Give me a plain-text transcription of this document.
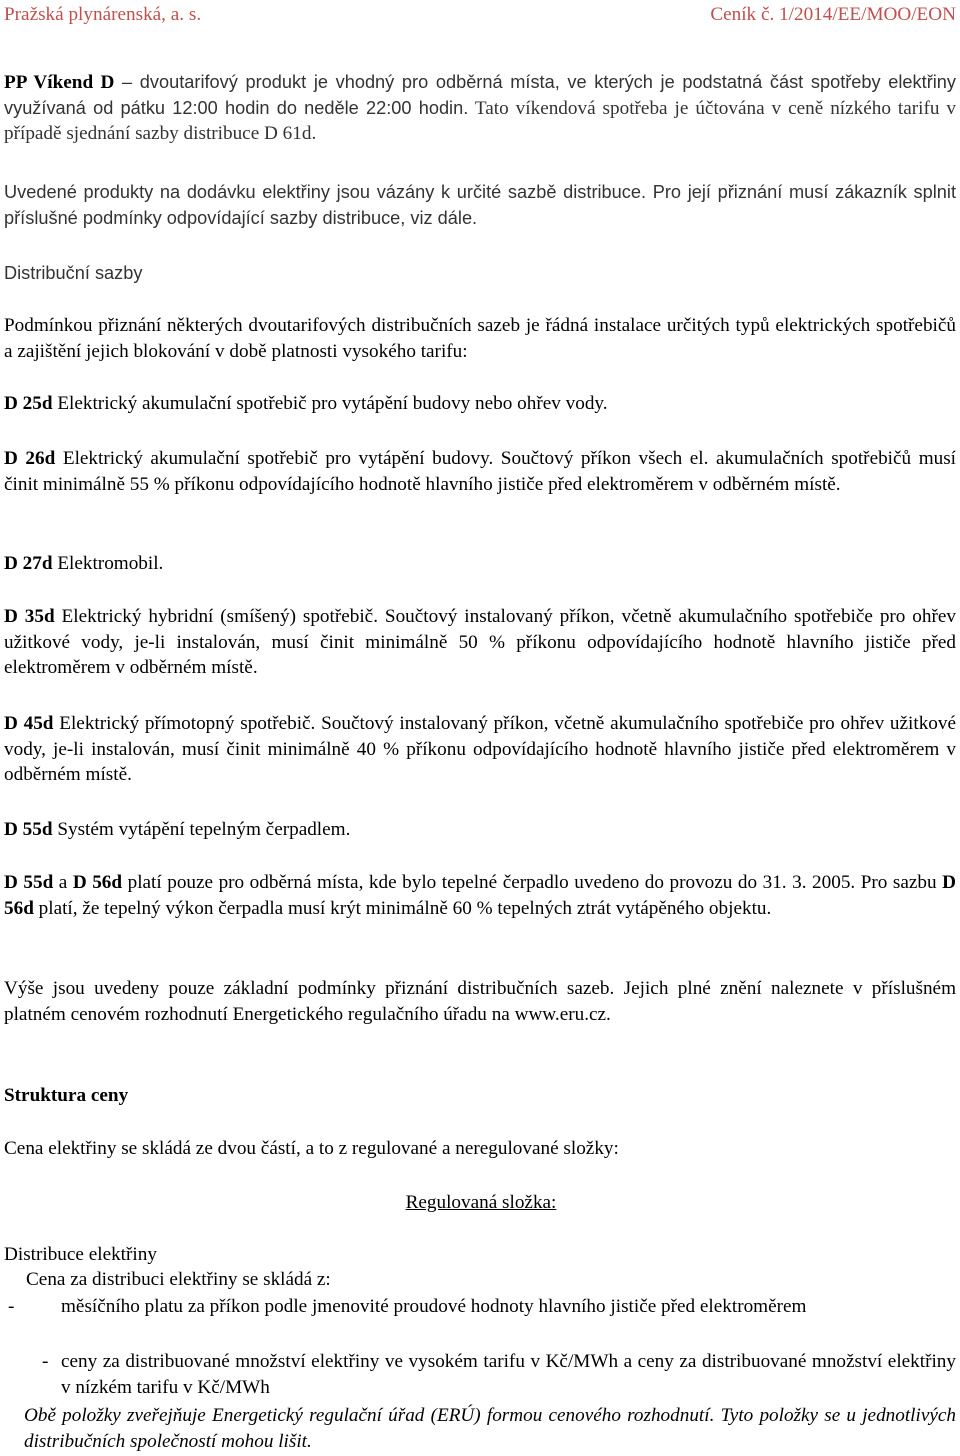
Pražská plynárenská, a. s.	Ceník č. 1/2014/EE/MOO/EON

PP Víkend D – dvoutarifový produkt je vhodný pro odběrná místa, ve kterých je podstatná část spotřeby elektřiny využívaná od pátku 12:00 hodin do neděle 22:00 hodin. Tato víkendová spotřeba je účtována v ceně nízkého tarifu v případě sjednání sazby distribuce D 61d.

Uvedené produkty na dodávku elektřiny jsou vázány k určité sazbě distribuce. Pro její přiznání musí zákazník splnit příslušné podmínky odpovídající sazby distribuce, viz dále.

Distribuční sazby

Podmínkou přiznání některých dvoutarifových distribučních sazeb je řádná instalace určitých typů elektrických spotřebičů a zajištění jejich blokování v době platnosti vysokého tarifu:

D 25d Elektrický akumulační spotřebič pro vytápění budovy nebo ohřev vody.

D 26d Elektrický akumulační spotřebič pro vytápění budovy. Součtový příkon všech el. akumulačních spotřebičů musí činit minimálně 55 % příkonu odpovídajícího hodnotě hlavního jističe před elektroměrem v odběrném místě.

D 27d Elektromobil.

D 35d Elektrický hybridní (smíšený) spotřebič. Součtový instalovaný příkon, včetně akumulačního spotřebiče pro ohřev užitkové vody, je-li instalován, musí činit minimálně 50 % příkonu odpovídajícího hodnotě hlavního jističe před elektroměrem v odběrném místě.

D 45d Elektrický přímotopný spotřebič. Součtový instalovaný příkon, včetně akumulačního spotřebiče pro ohřev užitkové vody, je-li instalován, musí činit minimálně 40 % příkonu odpovídajícího hodnotě hlavního jističe před elektroměrem v odběrném místě.

D 55d Systém vytápění tepelným čerpadlem.

D 55d a D 56d platí pouze pro odběrná místa, kde bylo tepelné čerpadlo uvedeno do provozu do 31. 3. 2005. Pro sazbu D 56d platí, že tepelný výkon čerpadla musí krýt minimálně 60 % tepelných ztrát vytápěného objektu.

Výše jsou uvedeny pouze základní podmínky přiznání distribučních sazeb. Jejich plné znění naleznete v příslušném platném cenovém rozhodnutí Energetického regulačního úřadu na www.eru.cz.

Struktura ceny

Cena elektřiny se skládá ze dvou částí, a to z regulované a neregulované složky:

Regulovaná složka:

Distribuce elektřiny

Cena za distribuci elektřiny se skládá z:

- měsíčního platu za příkon podle jmenovité proudové hodnoty hlavního jističe před elektroměrem

- ceny za distribuované množství elektřiny ve vysokém tarifu v Kč/MWh a ceny za distribuované množství elektřiny v nízkém tarifu v Kč/MWh

Obě položky zveřejňuje Energetický regulační úřad (ERÚ) formou cenového rozhodnutí. Tyto položky se u jednotlivých distribučních společností mohou lišit.
